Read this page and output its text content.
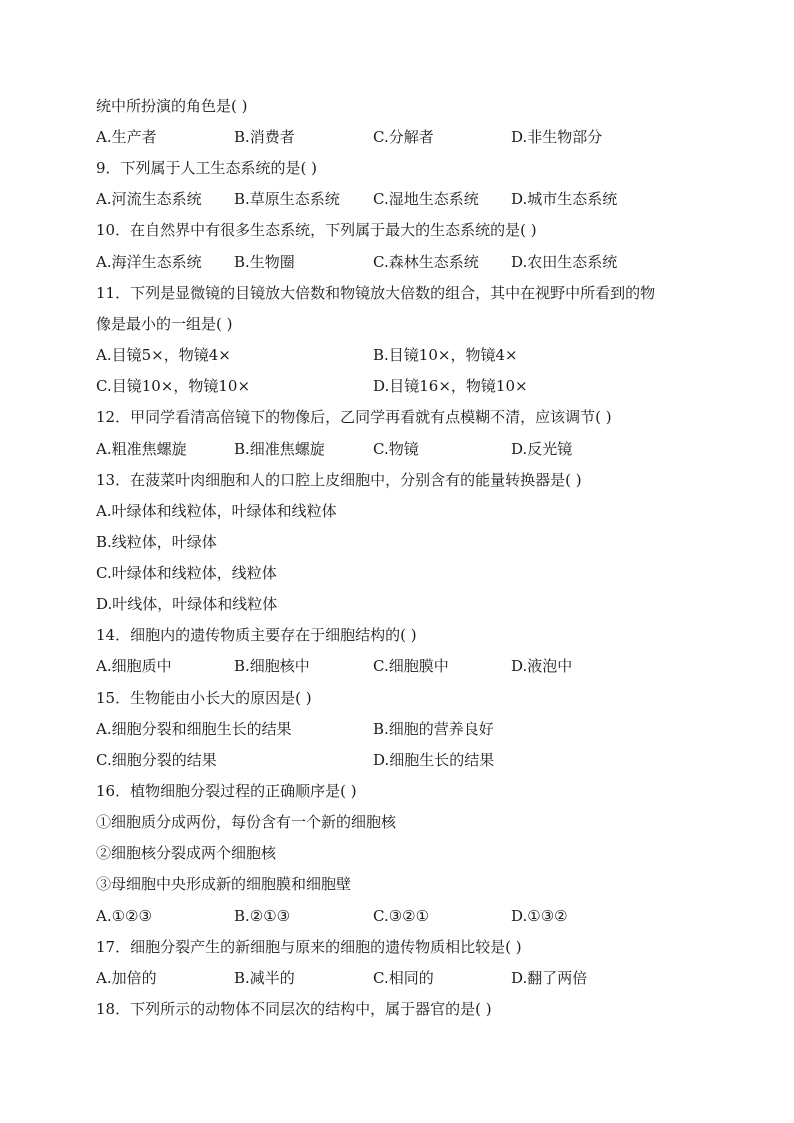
统中所扮演的角色是( )
A.生产者	B.消费者	C.分解者	D.非生物部分
9．下列属于人工生态系统的是( )
A.河流生态系统 B.草原生态系统 C.湿地生态系统 D.城市生态系统
10．在自然界中有很多生态系统，下列属于最大的生态系统的是( )
A.海洋生态系统 B.生物圈	C.森林生态系统 D.农田生态系统
11．下列是显微镜的目镜放大倍数和物镜放大倍数的组合，其中在视野中所看到的物
像是最小的一组是( )
A.目镜5×，物镜4×	B.目镜10×，物镜4×
C.目镜10×，物镜10×	D.目镜16×，物镜10×
12．甲同学看清高倍镜下的物像后，乙同学再看就有点模糊不清，应该调节( )
A.粗准焦螺旋	B.细准焦螺旋	C.物镜	D.反光镜
13．在菠菜叶肉细胞和人的口腔上皮细胞中，分别含有的能量转换器是( )
A.叶绿体和线粒体，叶绿体和线粒体
B.线粒体，叶绿体
C.叶绿体和线粒体，线粒体
D.叶线体，叶绿体和线粒体
14．细胞内的遗传物质主要存在于细胞结构的( )
A.细胞质中	B.细胞核中	C.细胞膜中	D.液泡中
15．生物能由小长大的原因是( )
A.细胞分裂和细胞生长的结果	B.细胞的营养良好
C.细胞分裂的结果	D.细胞生长的结果
16．植物细胞分裂过程的正确顺序是( )
①细胞质分成两份，每份含有一个新的细胞核
②细胞核分裂成两个细胞核
③母细胞中央形成新的细胞膜和细胞壁
A.①②③	B.②①③	C.③②①	D.①③②
17．细胞分裂产生的新细胞与原来的细胞的遗传物质相比较是( )
A.加倍的	B.减半的	C.相同的	D.翻了两倍
18．下列所示的动物体不同层次的结构中，属于器官的是( )
